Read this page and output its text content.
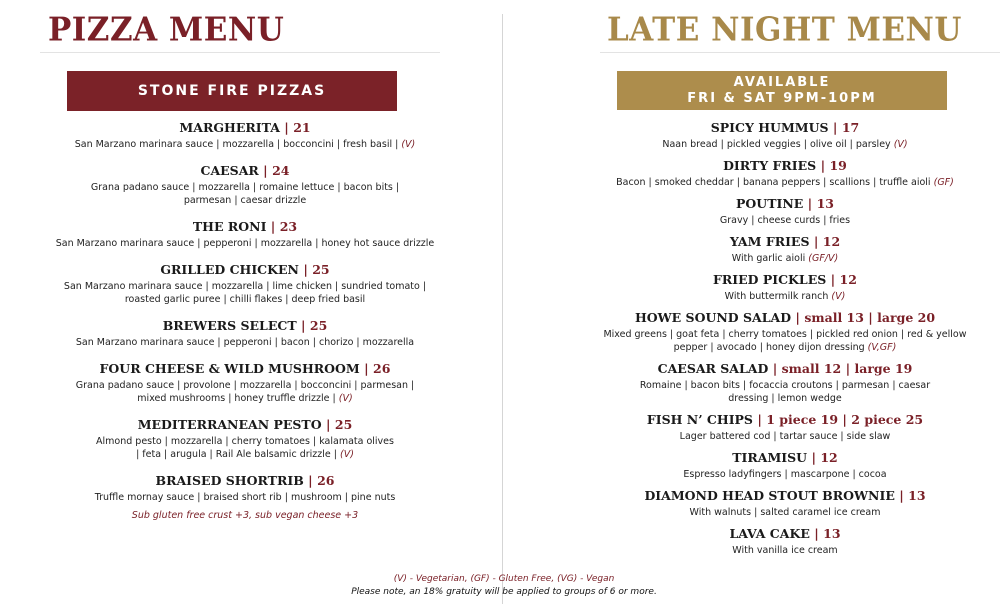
PIZZA MENU
STONE FIRE PIZZAS
MARGHERITA | 21
San Marzano marinara sauce | mozzarella | bocconcini | fresh basil | (V)
CAESAR | 24
Grana padano sauce | mozzarella | romaine lettuce | bacon bits | parmesan | caesar drizzle
THE RONI | 23
San Marzano marinara sauce | pepperoni | mozzarella | honey hot sauce drizzle
GRILLED CHICKEN | 25
San Marzano marinara sauce | mozzarella | lime chicken | sundried tomato | roasted garlic puree | chilli flakes | deep fried basil
BREWERS SELECT | 25
San Marzano marinara sauce | pepperoni | bacon | chorizo | mozzarella
FOUR CHEESE & WILD MUSHROOM | 26
Grana padano sauce | provolone | mozzarella | bocconcini | parmesan | mixed mushrooms | honey truffle drizzle | (V)
MEDITERRANEAN PESTO | 25
Almond pesto | mozzarella | cherry tomatoes | kalamata olives | feta | arugula | Rail Ale balsamic drizzle | (V)
BRAISED SHORTRIB | 26
Truffle mornay sauce | braised short rib | mushroom | pine nuts
Sub gluten free crust +3, sub vegan cheese +3
LATE NIGHT MENU
AVAILABLE
FRI & SAT 9PM-10PM
SPICY HUMMUS | 17
Naan bread | pickled veggies | olive oil | parsley (V)
DIRTY FRIES | 19
Bacon | smoked cheddar | banana peppers | scallions | truffle aioli (GF)
POUTINE | 13
Gravy | cheese curds | fries
YAM FRIES | 12
With garlic aioli (GF/V)
FRIED PICKLES | 12
With buttermilk ranch (V)
HOWE SOUND SALAD | small 13 | large 20
Mixed greens | goat feta | cherry tomatoes | pickled red onion | red & yellow pepper | avocado | honey dijon dressing (V,GF)
CAESAR SALAD | small 12 | large 19
Romaine | bacon bits | focaccia croutons | parmesan | caesar dressing | lemon wedge
FISH N’ CHIPS | 1 piece 19 | 2 piece 25
Lager battered cod | tartar sauce | side slaw
TIRAMISU | 12
Espresso ladyfingers | mascarpone | cocoa
DIAMOND HEAD STOUT BROWNIE | 13
With walnuts | salted caramel ice cream
LAVA CAKE | 13
With vanilla ice cream
(V) - Vegetarian, (GF) - Gluten Free, (VG) - Vegan
Please note, an 18% gratuity will be applied to groups of 6 or more.
